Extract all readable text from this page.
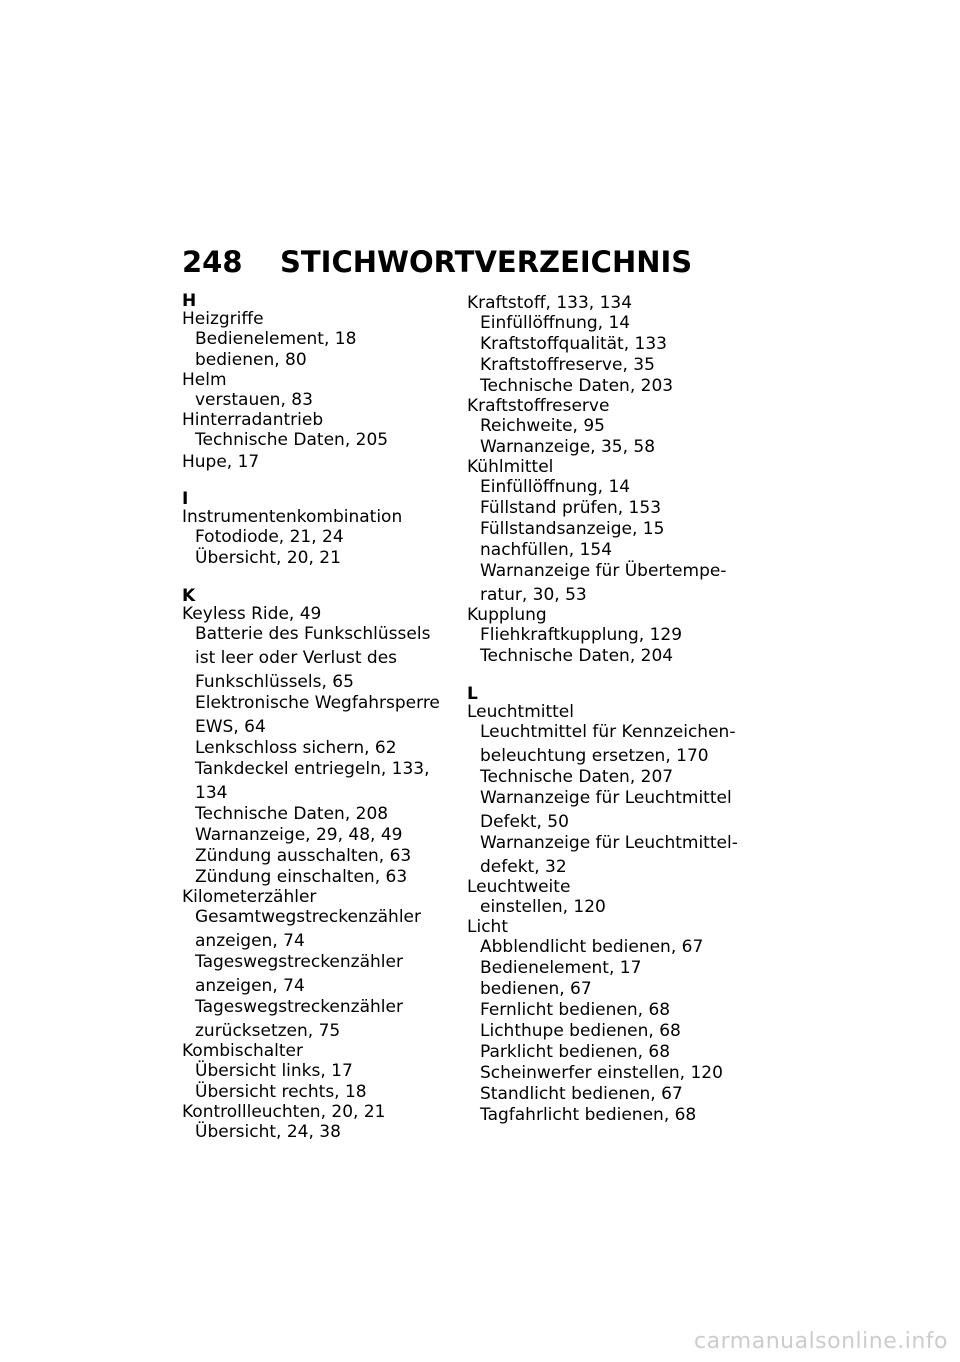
248 STICHWORTVERZEICHNIS
H
Heizgriffe
Bedienelement, 18
bedienen, 80
Helm
verstauen, 83
Hinterradantrieb
Technische Daten, 205
Hupe, 17
I
Instrumentenkombination
Fotodiode, 21, 24
Übersicht, 20, 21
K
Keyless Ride, 49
Batterie des Funkschlüssels
ist leer oder Verlust des
Funkschlüssels, 65
Elektronische Wegfahrsperre
EWS, 64
Lenkschloss sichern, 62
Tankdeckel entriegeln, 133,
134
Technische Daten, 208
Warnanzeige, 29, 48, 49
Zündung ausschalten, 63
Zündung einschalten, 63
Kilometerzähler
Gesamtwegstreckenzähler
anzeigen, 74
Tageswegstreckenzähler
anzeigen, 74
Tageswegstreckenzähler
zurücksetzen, 75
Kombischalter
Übersicht links, 17
Übersicht rechts, 18
Kontrollleuchten, 20, 21
Übersicht, 24, 38
Kraftstoff, 133, 134
Einfüllöffnung, 14
Kraftstoffqualität, 133
Kraftstoffreserve, 35
Technische Daten, 203
Kraftstoffreserve
Reichweite, 95
Warnanzeige, 35, 58
Kühlmittel
Einfüllöffnung, 14
Füllstand prüfen, 153
Füllstandsanzeige, 15
nachfüllen, 154
Warnanzeige für Übertempe-
ratur, 30, 53
Kupplung
Fliehkraftkupplung, 129
Technische Daten, 204
L
Leuchtmittel
Leuchtmittel für Kennzeichen-
beleuchtung ersetzen, 170
Technische Daten, 207
Warnanzeige für Leuchtmittel
Defekt, 50
Warnanzeige für Leuchtmittel-
defekt, 32
Leuchtweite
einstellen, 120
Licht
Abblendlicht bedienen, 67
Bedienelement, 17
bedienen, 67
Fernlicht bedienen, 68
Lichthupe bedienen, 68
Parklicht bedienen, 68
Scheinwerfer einstellen, 120
Standlicht bedienen, 67
Tagfahrlicht bedienen, 68
carmanualsonline.info
